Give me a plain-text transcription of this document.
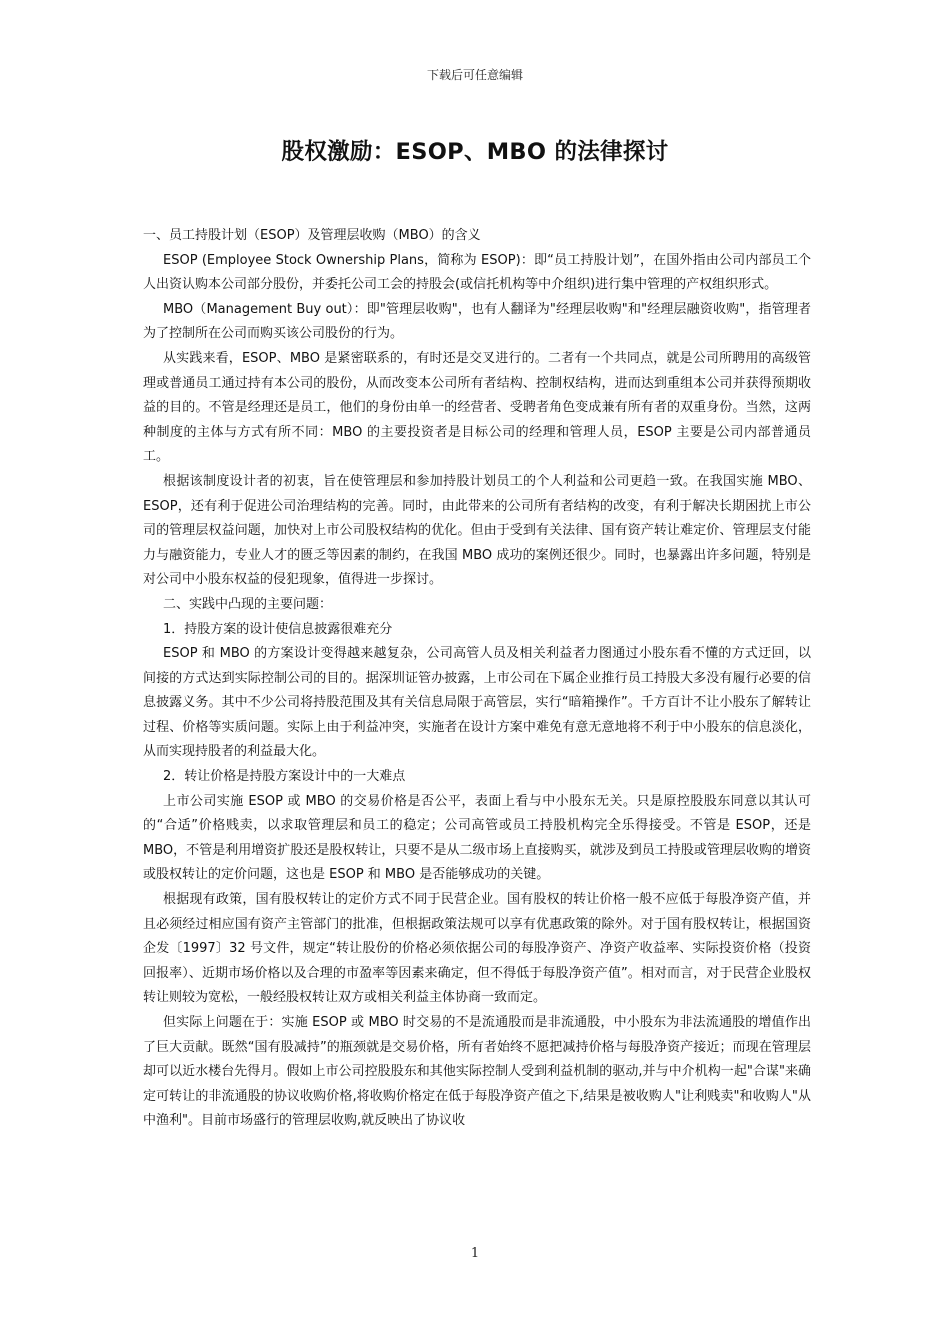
下载后可任意编辑
股权激励：ESOP、MBO 的法律探讨

一、员工持股计划（ESOP）及管理层收购（MBO）的含义

ESOP (Employee Stock Ownership Plans，简称为 ESOP)：即“员工持股计划”，在国外指由公司内部员工个人出资认购本公司部分股份，并委托公司工会的持股会(或信托机构等中介组织)进行集中管理的产权组织形式。

MBO（Management Buy out）：即"管理层收购"，也有人翻译为"经理层收购"和"经理层融资收购"，指管理者为了控制所在公司而购买该公司股份的行为。

从实践来看，ESOP、MBO 是紧密联系的，有时还是交叉进行的。二者有一个共同点，就是公司所聘用的高级管理或普通员工通过持有本公司的股份，从而改变本公司所有者结构、控制权结构，进而达到重组本公司并获得预期收益的目的。不管是经理还是员工，他们的身份由单一的经营者、受聘者角色变成兼有所有者的双重身份。当然，这两种制度的主体与方式有所不同：MBO 的主要投资者是目标公司的经理和管理人员，ESOP 主要是公司内部普通员工。

根据该制度设计者的初衷，旨在使管理层和参加持股计划员工的个人利益和公司更趋一致。在我国实施 MBO、ESOP，还有利于促进公司治理结构的完善。同时，由此带来的公司所有者结构的改变，有利于解决长期困扰上市公司的管理层权益问题，加快对上市公司股权结构的优化。但由于受到有关法律、国有资产转让难定价、管理层支付能力与融资能力，专业人才的匮乏等因素的制约，在我国 MBO 成功的案例还很少。同时，也暴露出许多问题，特别是对公司中小股东权益的侵犯现象，值得进一步探讨。

二、实践中凸现的主要问题：

1．持股方案的设计使信息披露很难充分

ESOP 和 MBO 的方案设计变得越来越复杂，公司高管人员及相关利益者力图通过小股东看不懂的方式迂回，以间接的方式达到实际控制公司的目的。据深圳证管办披露，上市公司在下属企业推行员工持股大多没有履行必要的信息披露义务。其中不少公司将持股范围及其有关信息局限于高管层，实行“暗箱操作”。千方百计不让小股东了解转让过程、价格等实质问题。实际上由于利益冲突，实施者在设计方案中难免有意无意地将不利于中小股东的信息淡化，从而实现持股者的利益最大化。

2．转让价格是持股方案设计中的一大难点

上市公司实施 ESOP 或 MBO 的交易价格是否公平，表面上看与中小股东无关。只是原控股股东同意以其认可的“合适”价格贱卖，以求取管理层和员工的稳定；公司高管或员工持股机构完全乐得接受。不管是 ESOP，还是 MBO，不管是利用增资扩股还是股权转让，只要不是从二级市场上直接购买，就涉及到员工持股或管理层收购的增资或股权转让的定价问题，这也是 ESOP 和 MBO 是否能够成功的关键。

根据现有政策，国有股权转让的定价方式不同于民营企业。国有股权的转让价格一般不应低于每股净资产值，并且必须经过相应国有资产主管部门的批准，但根据政策法规可以享有优惠政策的除外。对于国有股权转让，根据国资企发〔1997〕32 号文件，规定“转让股份的价格必须依据公司的每股净资产、净资产收益率、实际投资价格（投资回报率）、近期市场价格以及合理的市盈率等因素来确定，但不得低于每股净资产值”。相对而言，对于民营企业股权转让则较为宽松，一般经股权转让双方或相关利益主体协商一致而定。

但实际上问题在于：实施 ESOP 或 MBO 时交易的不是流通股而是非流通股，中小股东为非法流通股的增值作出了巨大贡献。既然“国有股减持”的瓶颈就是交易价格，所有者始终不愿把减持价格与每股净资产接近；而现在管理层却可以近水楼台先得月。假如上市公司控股股东和其他实际控制人受到利益机制的驱动,并与中介机构一起"合谋"来确定可转让的非流通股的协议收购价格,将收购价格定在低于每股净资产值之下,结果是被收购人"让利贱卖"和收购人"从中渔利"。目前市场盛行的管理层收购,就反映出了协议收

1
